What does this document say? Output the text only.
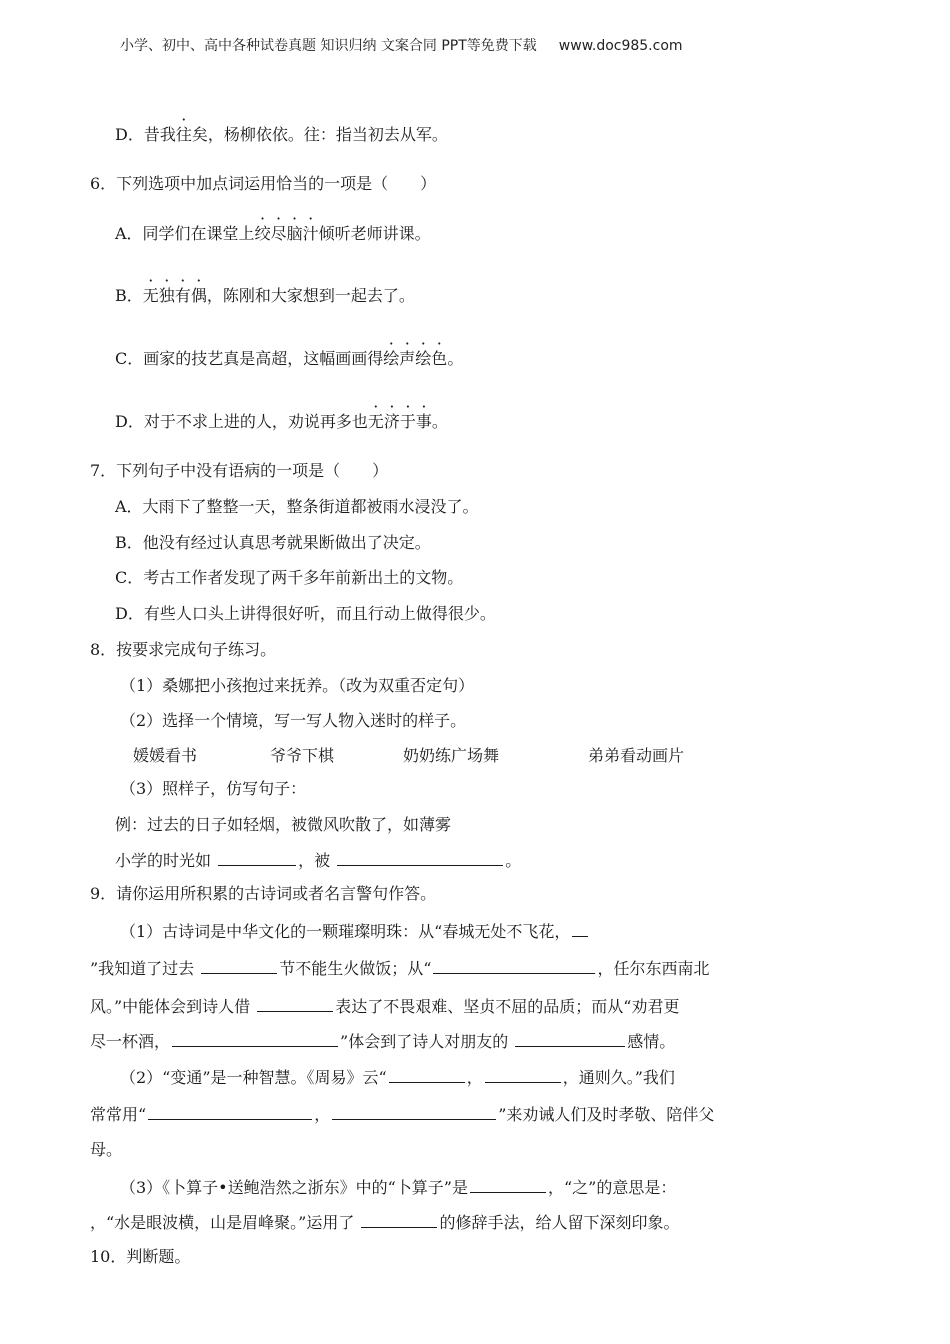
小学、初中、高中各种试卷真题 知识归纳 文案合同 PPT等免费下载 www.doc985.com
D．昔我往矣，杨柳依依。往：指当初去从军。
6．下列选项中加点词运用恰当的一项是（　　）
A．同学们在课堂上绞尽脑汁倾听老师讲课。
B．无独有偶，陈刚和大家想到一起去了。
C．画家的技艺真是高超，这幅画画得绘声绘色。
D．对于不求上进的人，劝说再多也无济于事。
7．下列句子中没有语病的一项是（　　）
A．大雨下了整整一天，整条街道都被雨水浸没了。
B．他没有经过认真思考就果断做出了决定。
C．考古工作者发现了两千多年前新出土的文物。
D．有些人口头上讲得很好听，而且行动上做得很少。
8．按要求完成句子练习。
（1）桑娜把小孩抱过来抚养。（改为双重否定句）
（2）选择一个情境，写一写人物入迷时的样子。
媛媛看书	爷爷下棋	奶奶练广场舞	弟弟看动画片
（3）照样子，仿写句子：
例：过去的日子如轻烟，被微风吹散了，如薄雾
小学的时光如	，被	。
9．请你运用所积累的古诗词或者名言警句作答。
（1）古诗词是中华文化的一颗璀璨明珠：从“春城无处不飞花，
”我知道了过去	节不能生火做饭；从“	，任尔东西南北
风。”中能体会到诗人借	表达了不畏艰难、坚贞不屈的品质；而从“劝君更
尽一杯酒，	”体会到了诗人对朋友的	感情。
（2）“变通”是一种智慧。《周易》云“	，	，通则久。”我们
常常用“	，	”来劝诫人们及时孝敬、陪伴父
母。
（3）《卜算子•送鲍浩然之浙东》中的“卜算子”是	，“之”的意思是：
，“水是眼波横，山是眉峰聚。”运用了	的修辞手法，给人留下深刻印象。
10．判断题。
